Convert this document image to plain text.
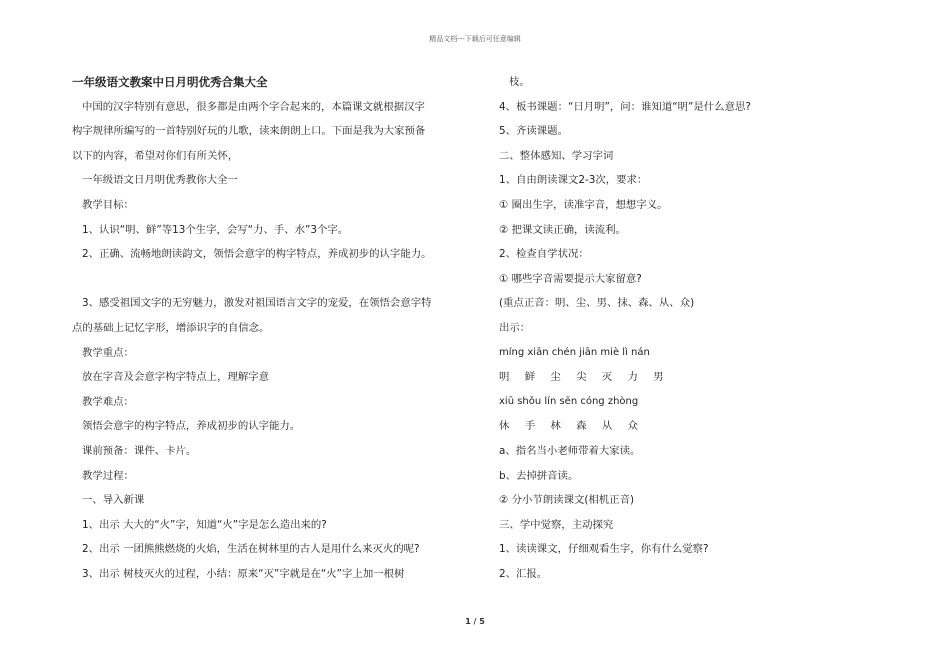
精品文档---下载后可任意编辑

一年级语文教案中日月明优秀合集大全

中国的汉字特别有意思，很多都是由两个字合起来的，本篇课文就根据汉字

构字规律所编写的一首特别好玩的儿歌，读来朗朗上口。下面是我为大家预备

以下的内容，希望对你们有所关怀，

一年级语文日月明优秀教你大全一

教学目标：

1、认识“明、鲜”等13个生字，会写“力、手、水”3个字。

2、正确、流畅地朗读韵文，领悟会意字的构字特点，养成初步的认字能力。

3、感受祖国文字的无穷魅力，激发对祖国语言文字的宠爱，在领悟会意字特

点的基础上记忆字形，增添识字的自信念。

教学重点：

放在字音及会意字构字特点上，理解字意

教学难点：

领悟会意字的构字特点，养成初步的认字能力。

课前预备：课件、卡片。

教学过程：

一、导入新课

1、出示 大大的“火”字，知道“火”字是怎么造出来的?

2、出示 一团熊熊燃烧的火焰，生活在树林里的古人是用什么来灭火的呢?

3、出示 树枝灭火的过程，小结：原来“灭”字就是在“火”字上加一根树

枝。

4、板书课题：“日月明”，问：谁知道“明”是什么意思?

5、齐读课题。

二、整体感知、学习字词

1、自由朗读课文2-3次，要求：

① 圈出生字，读准字音，想想字义。

② 把课文读正确，读流利。

2、检查自学状况：

① 哪些字音需要提示大家留意?

(重点正音：明、尘、男、抹、森、从、众)

出示：

míng xiān chén jiān miè lì nán

明 鲜 尘 尖 灭 力 男

xiū shǒu lín sēn cóng zhòng

休 手 林 森 从 众

a、指名当小老师带着大家读。

b、去掉拼音读。

② 分小节朗读课文(相机正音)

三、学中觉察，主动探究

1、读读课文，仔细观看生字，你有什么觉察?

2、汇报。

1 / 5
